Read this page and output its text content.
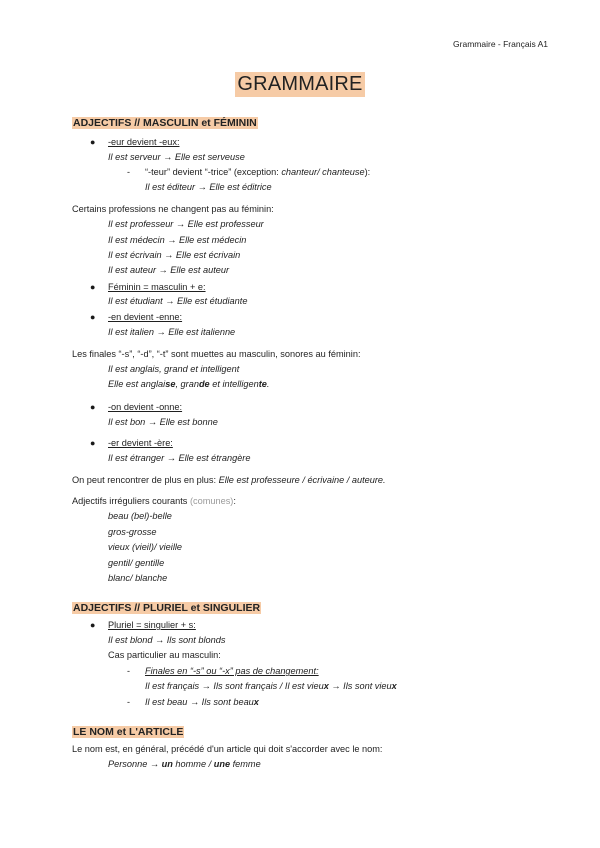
Grammaire - Français A1
GRAMMAIRE
ADJECTIFS // MASCULIN et FÉMININ
● -eur devient -eux:
Il est serveur → Elle est serveuse
- “-teur” devient “-trice” (exception: chanteur/ chanteuse):
Il est éditeur → Elle est éditrice
Certains professions ne changent pas au féminin:
Il est professeur → Elle est professeur
Il est médecin → Elle est médecin
Il est écrivain → Elle est écrivain
Il est auteur → Elle est auteur
● Féminin = masculin + e:
Il est étudiant → Elle est étudiante
● -en devient -enne:
Il est italien → Elle est italienne
Les finales “-s”, “-d”, “-t” sont muettes au masculin, sonores au féminin:
Il est anglais, grand et intelligent
Elle est anglaise, grande et intelligente.
● -on devient -onne:
Il est bon → Elle est bonne
● -er devient -ère:
Il est étranger → Elle est étrangère
On peut rencontrer de plus en plus: Elle est professeure / écrivaine / auteure.
Adjectifs irréguliers courants (comunes):
beau (bel)-belle
gros-grosse
vieux (vieil)/ vieille
gentil/ gentille
blanc/ blanche
ADJECTIFS // PLURIEL et SINGULIER
● Pluriel = singulier + s:
Il est blond → Ils sont blonds
Cas particulier au masculin:
- Finales en “-s” ou “-x” pas de changement:
Il est français → Ils sont français / Il est vieux → Ils sont vieux
- Il est beau → Ils sont beaux
LE NOM et L'ARTICLE
Le nom est, en général, précédé d'un article qui doit s'accorder avec le nom:
Personne → un homme / une femme
